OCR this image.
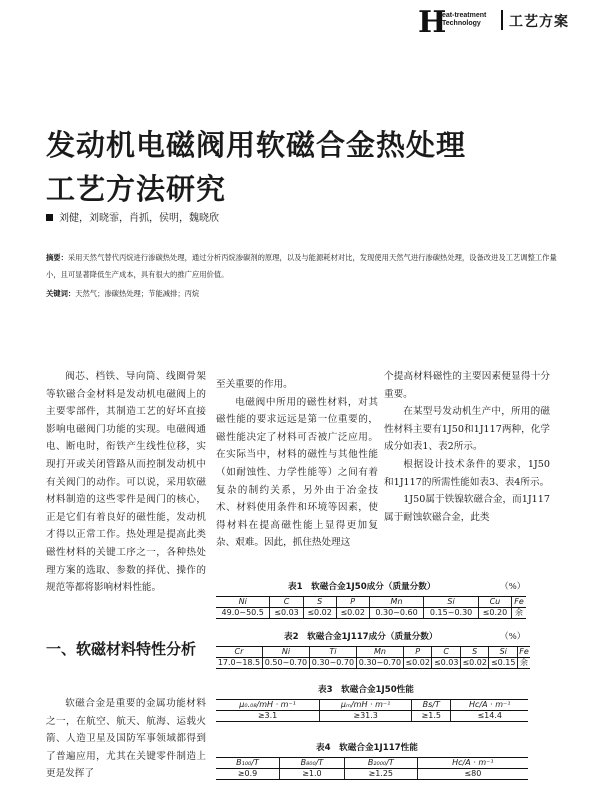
H
eat-treatment
Technology	工艺方案
发动机电磁阀用软磁合金热处理
工艺方法研究
刘健，刘晓霏，肖抓，侯明，魏晓欣
摘要：采用天然气替代丙烷进行渗碳热处理，通过分析丙烷渗碳剂的原理，以及与能源耗材对比，发现使用天然气进行渗碳热处理，设备改进及工艺调整工作量小，且可显著降低生产成本，具有很大的推广应用价值。
关键词：天然气；渗碳热处理；节能减排；丙烷

阀芯、档铁、导向筒、线圈骨架等软磁合金材料是发动机电磁阀上的主要零部件，其制造工艺的好坏直接影响电磁阀门功能的实现。电磁阀通电、断电时，衔铁产生线性位移，实现打开或关闭管路从而控制发动机中有关阀门的动作。可以说，采用软磁材料制造的这些零件是阀门的核心，正是它们有着良好的磁性能，发动机才得以正常工作。热处理是提高此类磁性材料的关键工序之一，各种热处理方案的选取、参数的择优、操作的规范等都将影响材料性能。

一、软磁材料特性分析

软磁合金是重要的金属功能材料之一，在航空、航天、航海、运载火箭、人造卫星及国防军事领域都得到了普遍应用，尤其在关键零件制造上更是发挥了

至关重要的作用。

电磁阀中所用的磁性材料，对其磁性能的要求远远是第一位重要的，磁性能决定了材料可否被广泛应用。在实际当中，材料的磁性与其他性能（如耐蚀性、力学性能等）之间有着复杂的制约关系，另外由于冶金技术、材料使用条件和环境等因素，使得材料在提高磁性能上显得更加复杂、艰难。因此，抓住热处理这

个提高材料磁性的主要因素便显得十分重要。

在某型号发动机生产中，所用的磁性材料主要有1J50和1J117两种，化学成分如表1、表2所示。

根据设计技术条件的要求，1J50和1J117的所需性能如表3、表4所示。

1J50属于铁镍软磁合金，而1J117属于耐蚀软磁合金，此类

表1　软磁合金1J50成分（质量分数）	（%）
Ni	C	S	P	Mn	Si	Cu	Fe
49.0~50.5	≤0.03	≤0.02	≤0.02	0.30~0.60	0.15~0.30	≤0.20	余
表2　软磁合金1J117成分（质量分数）	（%）
Cr	Ni	Ti	Mn	P	C	S	Si	Fe
17.0~18.5	0.50~0.70	0.30~0.70	0.30~0.70	≤0.02	≤0.03	≤0.02	≤0.15	余
表3　软磁合金1J50性能
μ₀.₀₈/mH · m⁻¹	μₘ/mH · m⁻¹	Bs/T	Hc/A · m⁻¹
≥3.1	≥31.3	≥1.5	≤14.4
表4　软磁合金1J117性能
B₁₀₀/T	B₈₀₀/T	B₂₀₀₀/T	Hc/A · m⁻¹
≥0.9	≥1.0	≥1.25	≤80
